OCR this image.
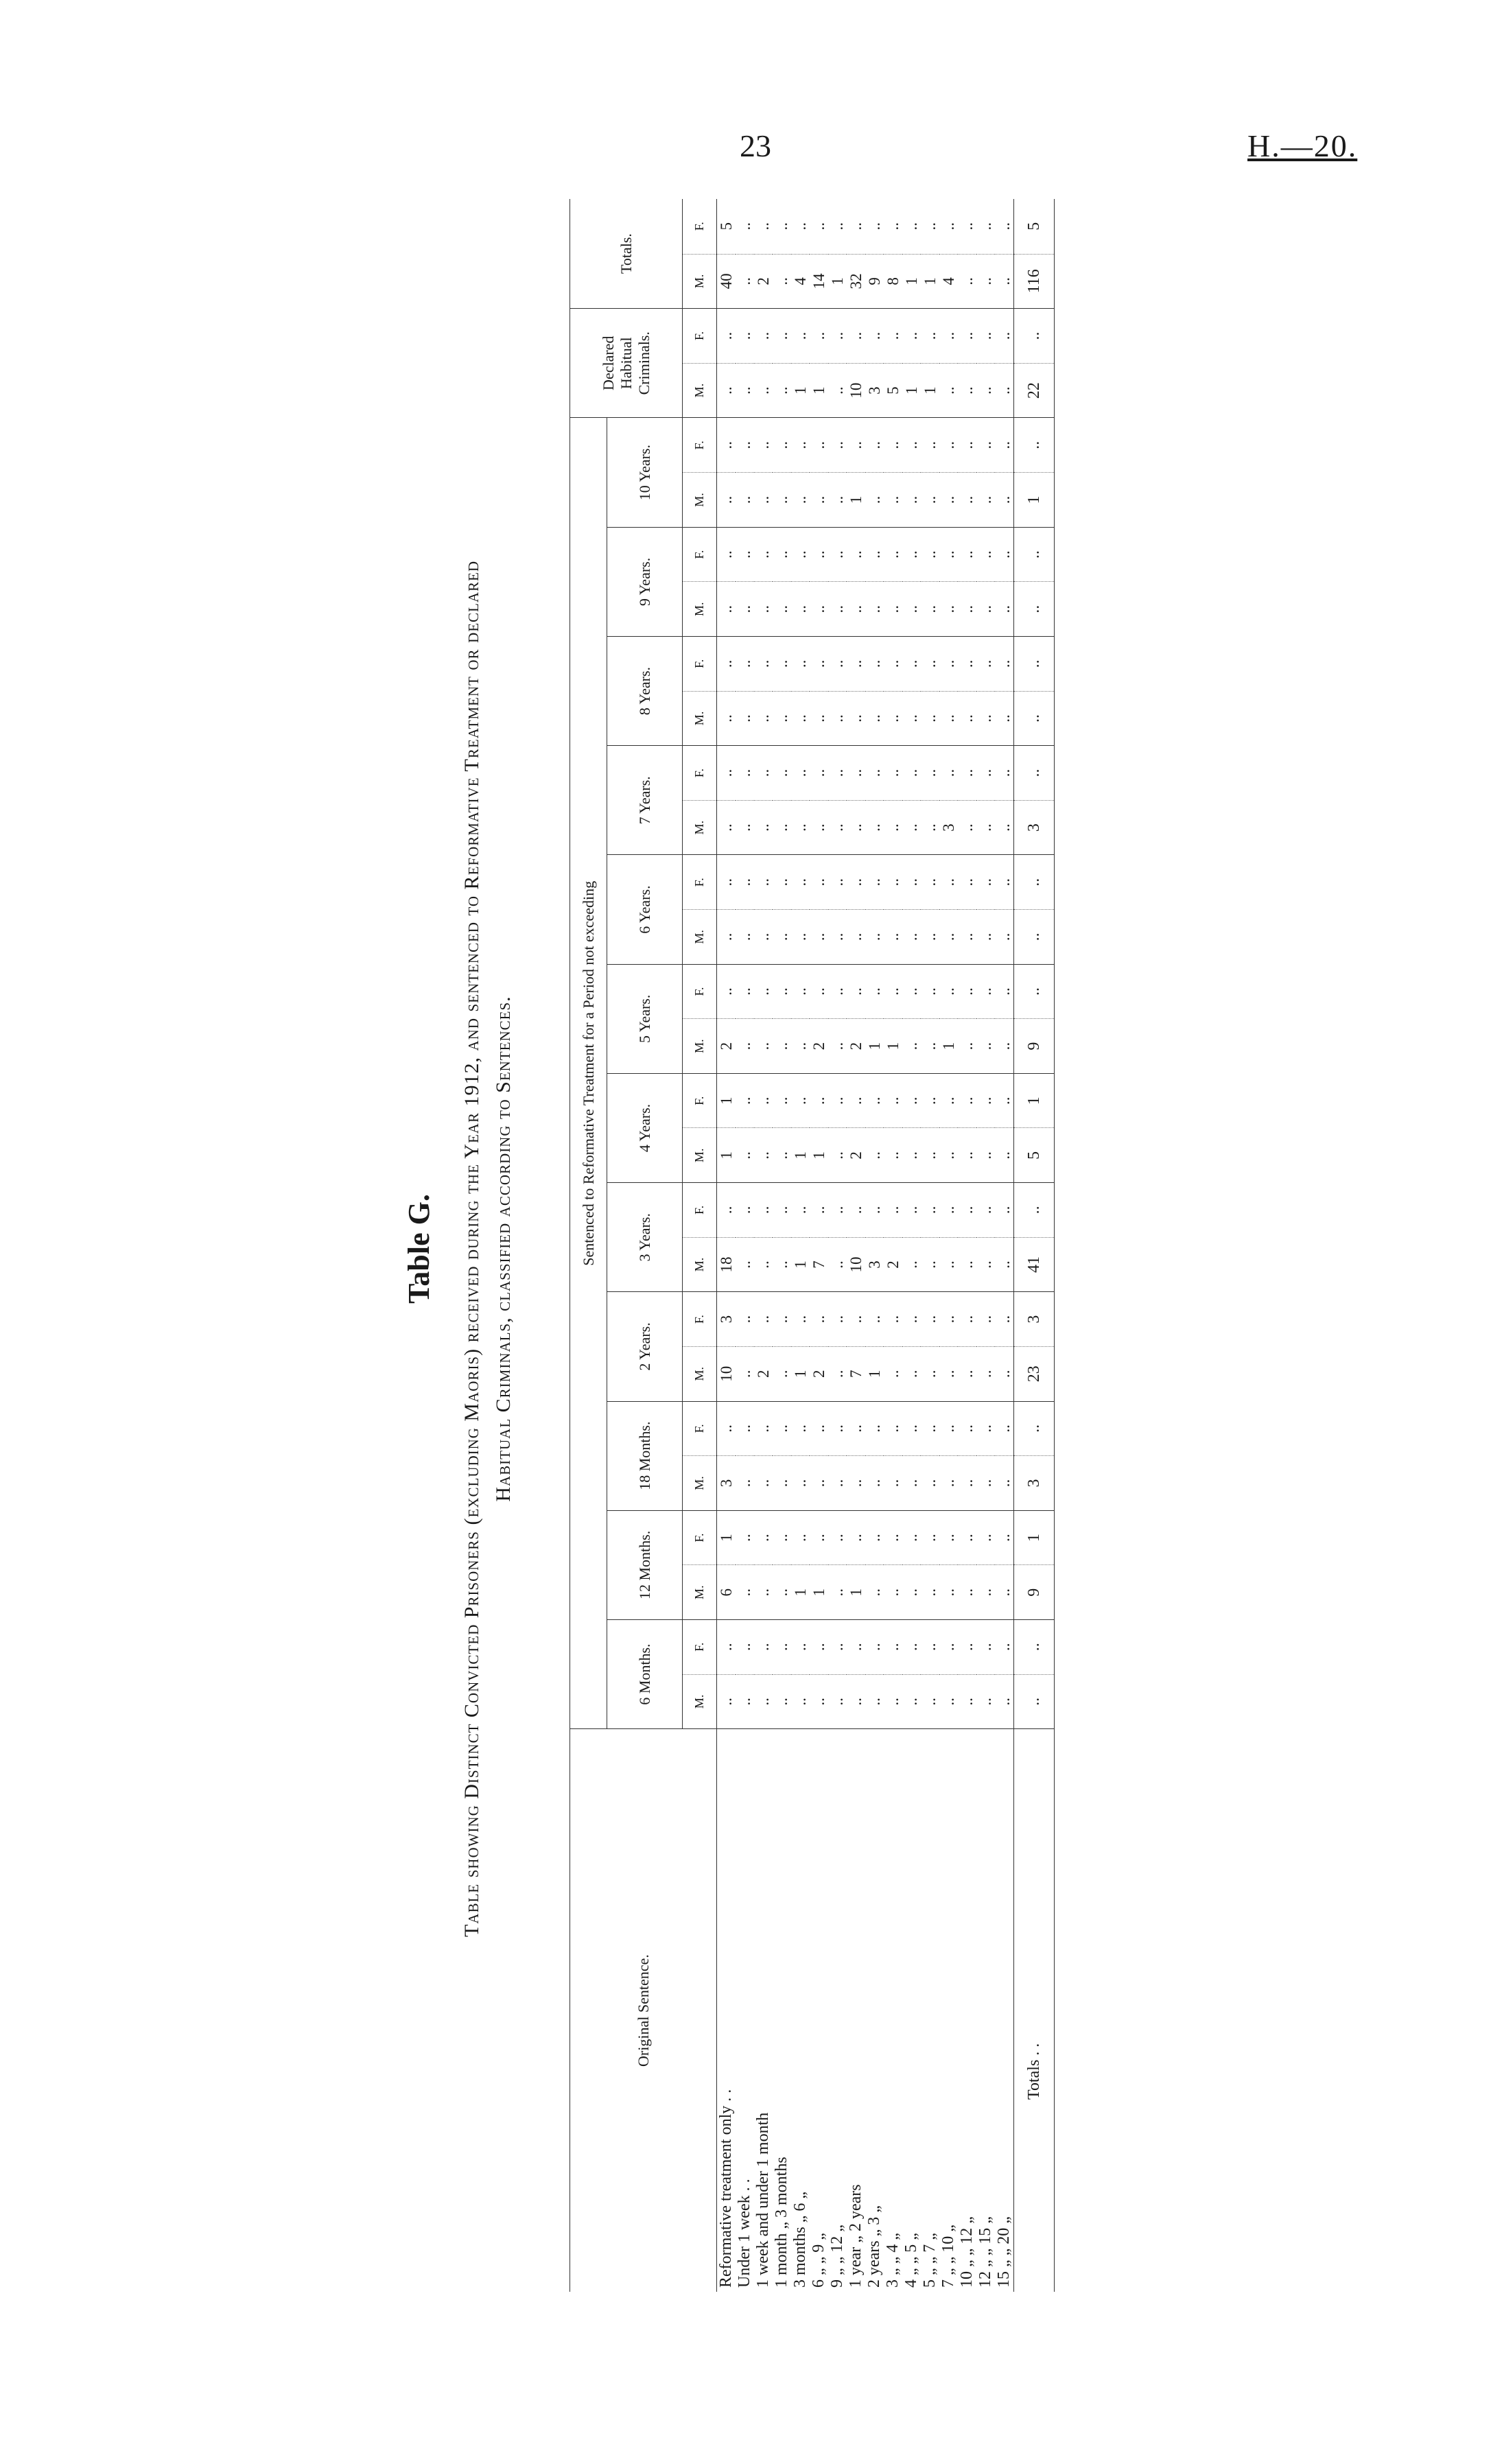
23	H.—20.
Table G. Table showing Distinct Convicted Prisoners (excluding Maoris) received during the Year 1912, and sentenced to Reformative Treatment or declared Habitual Criminals, classified according to Sentences.
Original Sentence.	Sentenced to Reformative Treatment for a Period not exceeding																								Declared Habitual Criminals.		Totals.	
	6 Months.		12 Months.		18 Months.		2 Years.		3 Years.		4 Years.		5 Years.		6 Years.		7 Years.		8 Years.		9 Years.		10 Years.					
	M.	F.	M.	F.	M.	F.	M.	F.	M.	F.	M.	F.	M.	F.	M.	F.	M.	F.	M.	F.	M.	F.	M.	F.	M.	F.	M.	F.
Reformative treatment only . .	..	..	6	1	3	..	10	3	18	..	1	1	2	..	..	..	..	..	..	..	..	..	..	..	..	..	40	5
Under 1 week . .	..	..	..	..	..	..	..	..	..	..	..	..	..	..	..	..	..	..	..	..	..	..	..	..	..	..	..	..
1 week and under 1 month	..	..	..	..	..	..	2	..	..	..	..	..	..	..	..	..	..	..	..	..	..	..	..	..	..	..	2	..
1 month „ 3 months	..	..	..	..	..	..	..	..	..	..	..	..	..	..	..	..	..	..	..	..	..	..	..	..	..	..	..	..
3 months „ 6 „	..	..	1	..	..	..	1	..	1	..	1	..	..	..	..	..	..	..	..	..	..	..	..	..	1	..	4	..
6 „ „ 9 „	..	..	1	..	..	..	2	..	7	..	1	..	2	..	..	..	..	..	..	..	..	..	..	..	1	..	14	..
9 „ „ 12 „	..	..	..	..	..	..	..	..	..	..	..	..	..	..	..	..	..	..	..	..	..	..	..	..	..	..	1	..
1 year „ 2 years	..	..	1	..	..	..	7	..	10	..	2	..	2	..	..	..	..	..	..	..	..	..	1	..	10	..	32	..
2 years „ 3 „	..	..	..	..	..	..	1	..	3	..	..	..	1	..	..	..	..	..	..	..	..	..	..	..	3	..	9	..
3 „ „ 4 „	..	..	..	..	..	..	..	..	2	..	..	..	1	..	..	..	..	..	..	..	..	..	..	..	5	..	8	..
4 „ „ 5 „	..	..	..	..	..	..	..	..	..	..	..	..	..	..	..	..	..	..	..	..	..	..	..	..	1	..	1	..
5 „ „ 7 „	..	..	..	..	..	..	..	..	..	..	..	..	..	..	..	..	..	..	..	..	..	..	..	..	1	..	1	..
7 „ „ 10 „	..	..	..	..	..	..	..	..	..	..	..	..	1	..	..	..	3	..	..	..	..	..	..	..	..	..	4	..
10 „ „ 12 „	..	..	..	..	..	..	..	..	..	..	..	..	..	..	..	..	..	..	..	..	..	..	..	..	..	..	..	..
12 „ „ 15 „	..	..	..	..	..	..	..	..	..	..	..	..	..	..	..	..	..	..	..	..	..	..	..	..	..	..	..	..
15 „ „ 20 „	..	..	..	..	..	..	..	..	..	..	..	..	..	..	..	..	..	..	..	..	..	..	..	..	..	..	..	..
Totals . .	..	..	9	1	3	..	23	3	41	..	5	1	9	..	..	..	3	..	..	..	..	..	1	..	22	..	116	5
